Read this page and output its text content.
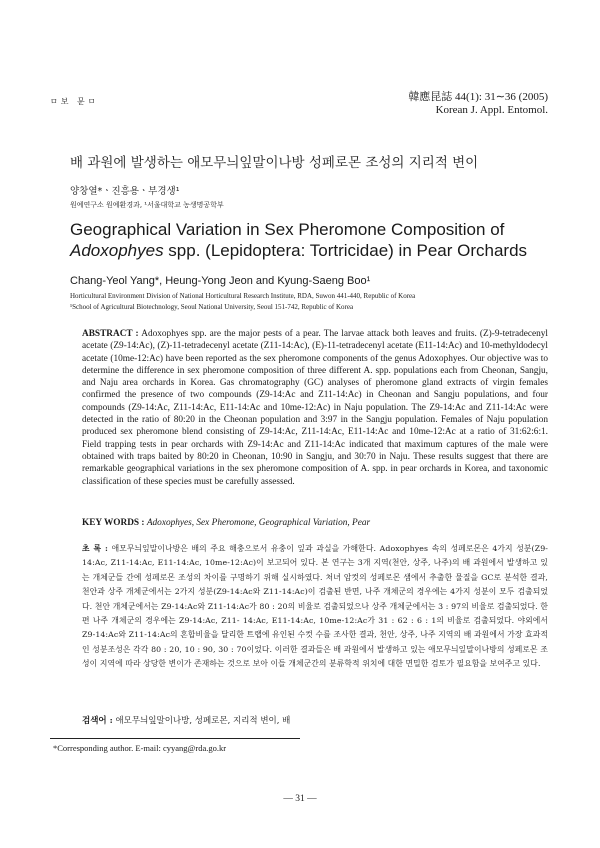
ㅁ보 문ㅁ	韓應昆誌 44(1): 31∼36 (2005)
Korean J. Appl. Entomol.
배 과원에 발생하는 애모무늬잎말이나방 성페로몬 조성의 지리적 변이
양창열*ㆍ진흥용ㆍ부경생¹
원예연구소 원예환경과, ¹서울대학교 농생명공학부
Geographical Variation in Sex Pheromone Composition of Adoxophyes spp. (Lepidoptera: Tortricidae) in Pear Orchards
Chang-Yeol Yang*, Heung-Yong Jeon and Kyung-Saeng Boo¹
Horticultural Environment Division of National Horticultural Research Institute, RDA, Suwon 441-440, Republic of Korea
¹School of Agricultural Biotechnology, Seoul National University, Seoul 151-742, Republic of Korea
ABSTRACT : Adoxophyes spp. are the major pests of a pear. The larvae attack both leaves and fruits. (Z)-9-tetradecenyl acetate (Z9-14:Ac), (Z)-11-tetradecenyl acetate (Z11-14:Ac), (E)-11-tetradecenyl acetate (E11-14:Ac) and 10-methyldodecyl acetate (10me-12:Ac) have been reported as the sex pheromone components of the genus Adoxophyes. Our objective was to determine the difference in sex pheromone composition of three different A. spp. populations each from Cheonan, Sangju, and Naju area orchards in Korea. Gas chromatography (GC) analyses of pheromone gland extracts of virgin females confirmed the presence of two compounds (Z9-14:Ac and Z11-14:Ac) in Cheonan and Sangju populations, and four compounds (Z9-14:Ac, Z11-14:Ac, E11-14:Ac and 10me-12:Ac) in Naju population. The Z9-14:Ac and Z11-14:Ac were detected in the ratio of 80:20 in the Cheonan population and 3:97 in the Sangju population. Females of Naju population produced sex pheromone blend consisting of Z9-14:Ac, Z11-14:Ac, E11-14:Ac and 10me-12:Ac at a ratio of 31:62:6:1. Field trapping tests in pear orchards with Z9-14:Ac and Z11-14:Ac indicated that maximum captures of the male were obtained with traps baited by 80:20 in Cheonan, 10:90 in Sangju, and 30:70 in Naju. These results suggest that there are remarkable geographical variations in the sex pheromone composition of A. spp. in pear orchards in Korea, and taxonomic classification of these species must be carefully assessed.
KEY WORDS : Adoxophyes, Sex Pheromone, Geographical Variation, Pear
초 록 : 애모무늬잎말이나방은 배의 주요 해충으로서 유충이 잎과 과실을 가해한다. Adoxophyes 속의 성페로몬은 4가지 성분(Z9-14:Ac, Z11-14:Ac, E11-14:Ac, 10me-12:Ac)이 보고되어 있다. 본 연구는 3개 지역(천안, 상주, 나주)의 배 과원에서 발생하고 있는 개체군들 간에 성페로몬 조성의 차이를 구명하기 위해 실시하였다. 처녀 암컷의 성페로몬 샘에서 추출한 물질을 GC로 분석한 결과, 천안과 상주 개체군에서는 2가지 성분(Z9-14:Ac와 Z11-14:Ac)이 검출된 반면, 나주 개체군의 경우에는 4가지 성분이 모두 검출되었다. 천안 개체군에서는 Z9-14:Ac와 Z11-14:Ac가 80 : 20의 비율로 검출되었으나 상주 개체군에서는 3 : 97의 비율로 검출되었다. 한편 나주 개체군의 경우에는 Z9-14:Ac, Z11- 14:Ac, E11-14:Ac, 10me-12:Ac가 31 : 62 : 6 : 1의 비율로 검출되었다. 야외에서 Z9-14:Ac와 Z11-14:Ac의 혼합비율을 달리한 트랩에 유인된 수컷 수를 조사한 결과, 천안, 상주, 나주 지역의 배 과원에서 가장 효과적인 성분조성은 각각 80 : 20, 10 : 90, 30 : 70이었다. 이러한 결과들은 배 과원에서 발생하고 있는 애모무늬잎말이나방의 성페로몬 조성이 지역에 따라 상당한 변이가 존재하는 것으로 보아 이들 개체군간의 분류학적 위치에 대한 면밀한 검토가 필요함을 보여주고 있다.
검색어 : 애모무늬잎말이나방, 성페로몬, 지리적 변이, 배
*Corresponding author. E-mail: cyyang@rda.go.kr
— 31 —
